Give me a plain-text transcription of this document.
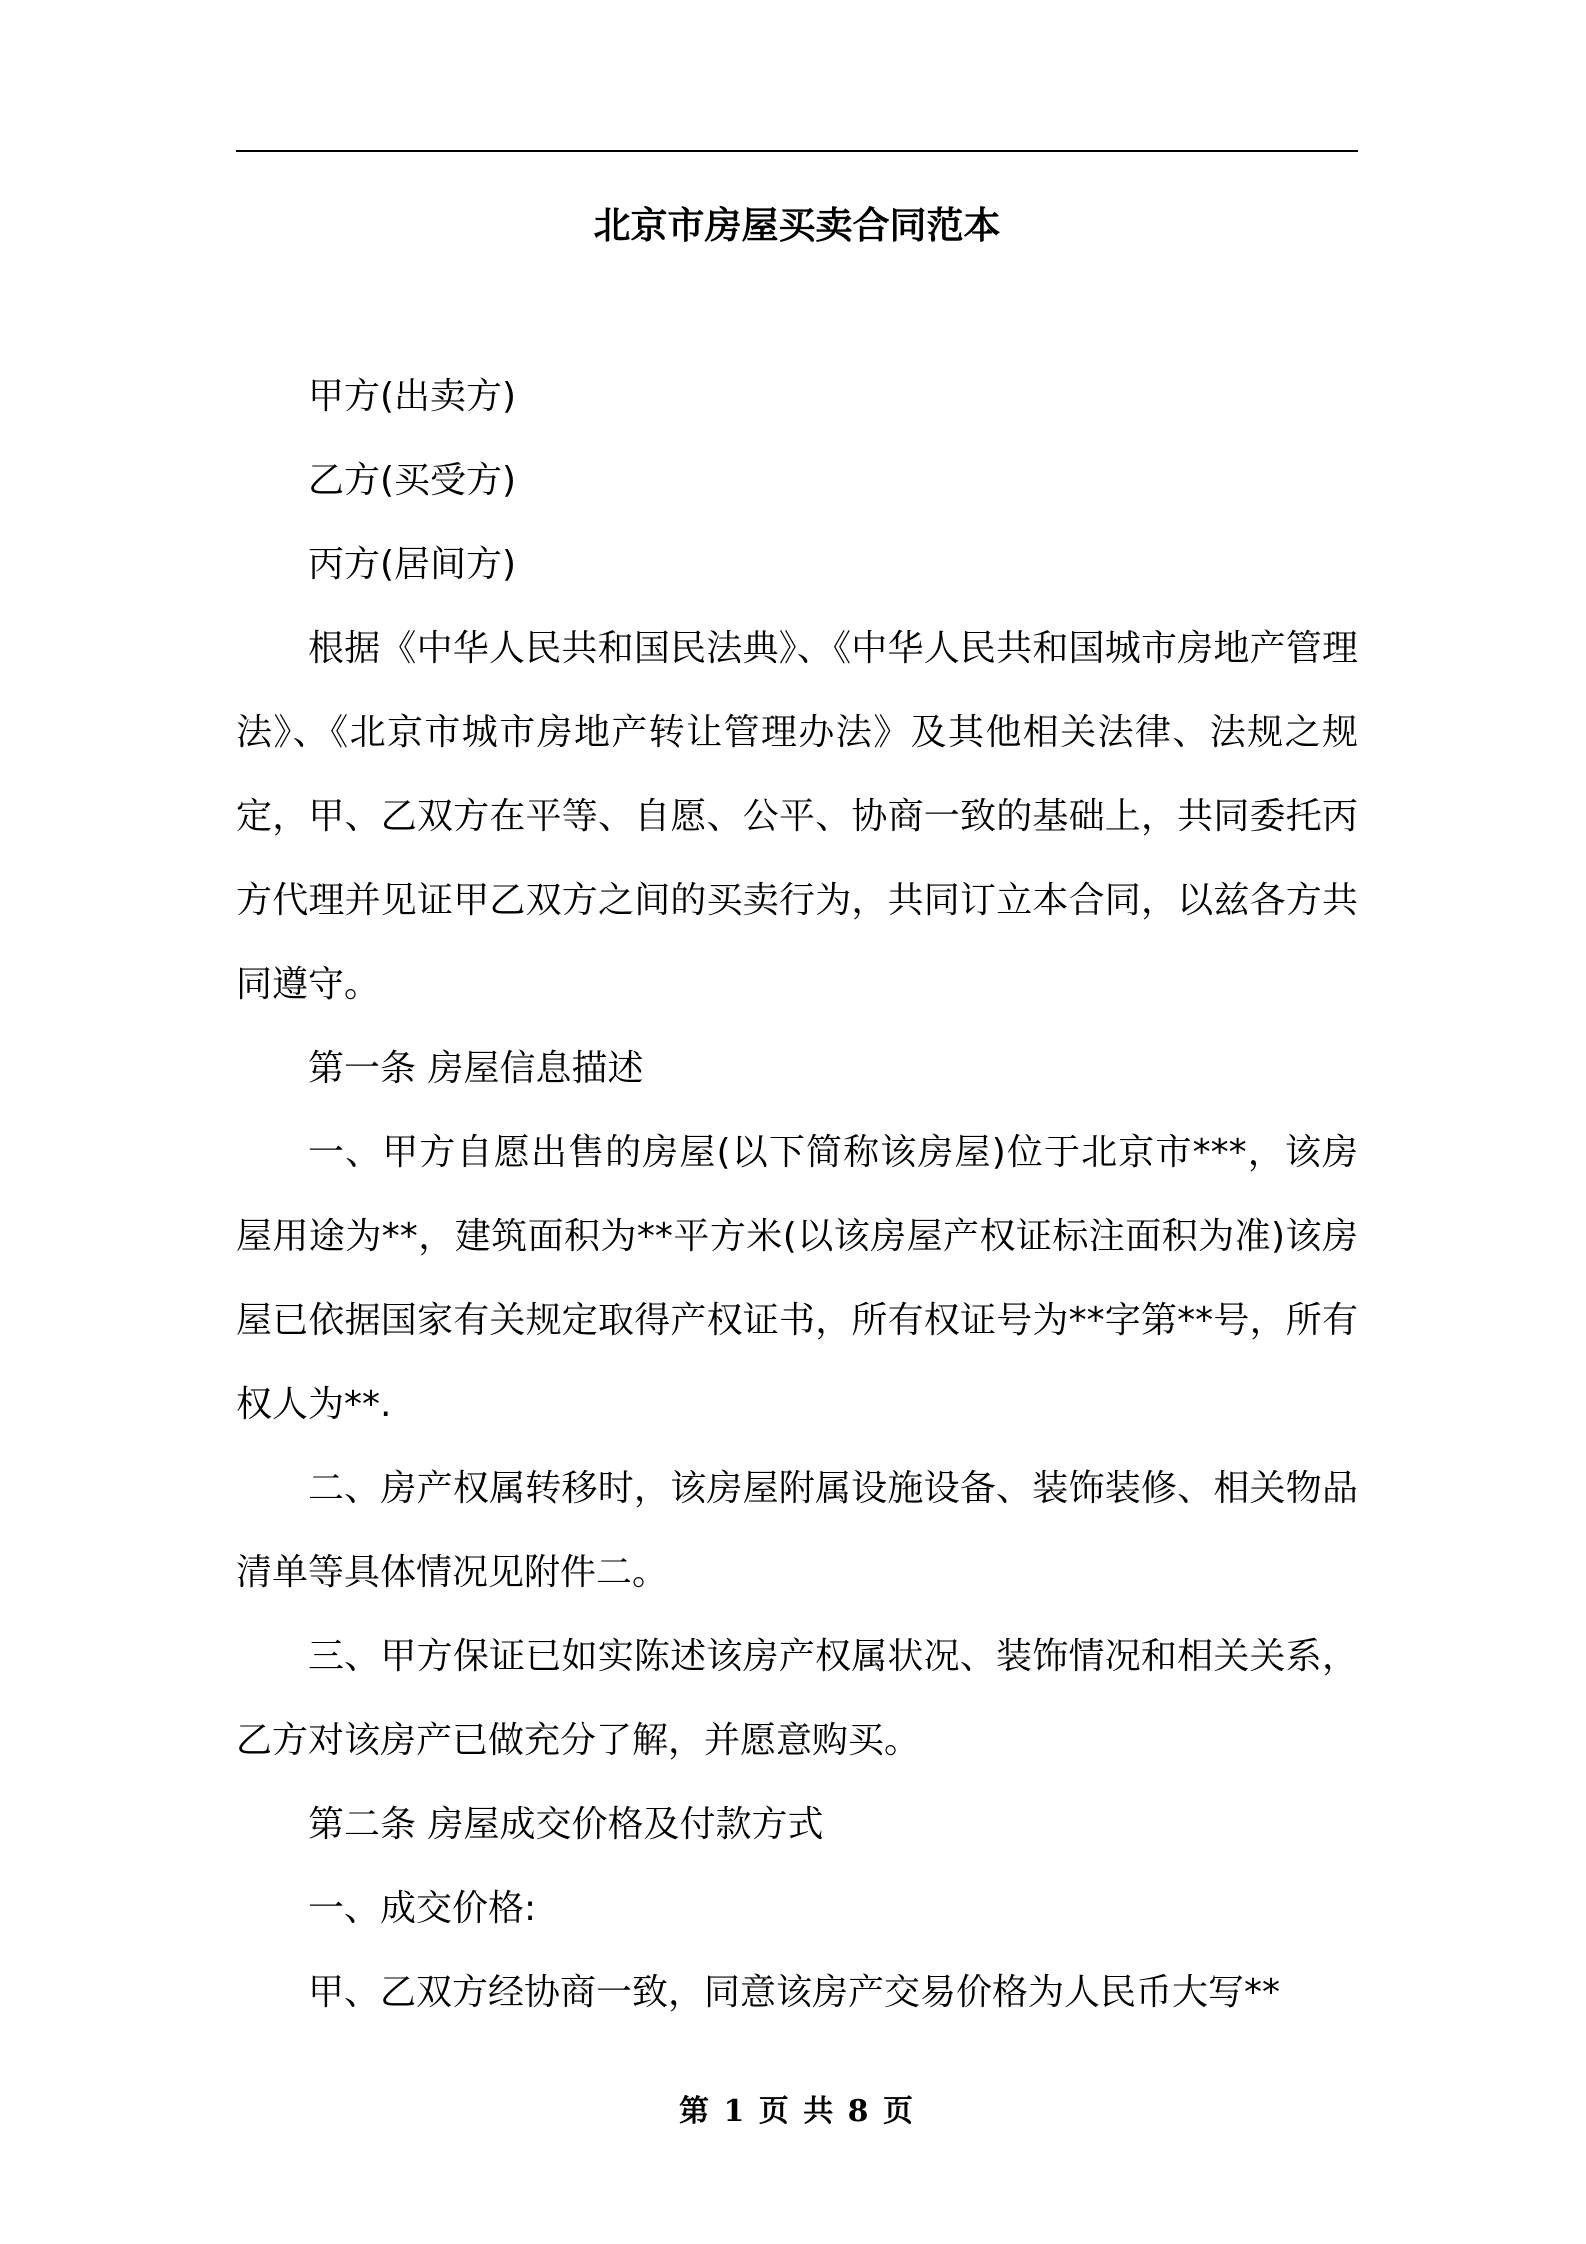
北京市房屋买卖合同范本

甲方(出卖方)

乙方(买受方)

丙方(居间方)

根据《中华人民共和国民法典》、《中华人民共和国城市房地产管理法》、《北京市城市房地产转让管理办法》及其他相关法律、法规之规定，甲、乙双方在平等、自愿、公平、协商一致的基础上，共同委托丙方代理并见证甲乙双方之间的买卖行为，共同订立本合同，以兹各方共同遵守。

第一条 房屋信息描述

一、甲方自愿出售的房屋(以下简称该房屋)位于北京市***，该房屋用途为**，建筑面积为**平方米(以该房屋产权证标注面积为准)该房屋已依据国家有关规定取得产权证书，所有权证号为**字第**号，所有权人为**.

二、房产权属转移时，该房屋附属设施设备、装饰装修、相关物品清单等具体情况见附件二。

三、甲方保证已如实陈述该房产权属状况、装饰情况和相关关系，乙方对该房产已做充分了解，并愿意购买。

第二条 房屋成交价格及付款方式

一、成交价格:

甲、乙双方经协商一致，同意该房产交易价格为人民币大写**

第 1 页 共 8 页
